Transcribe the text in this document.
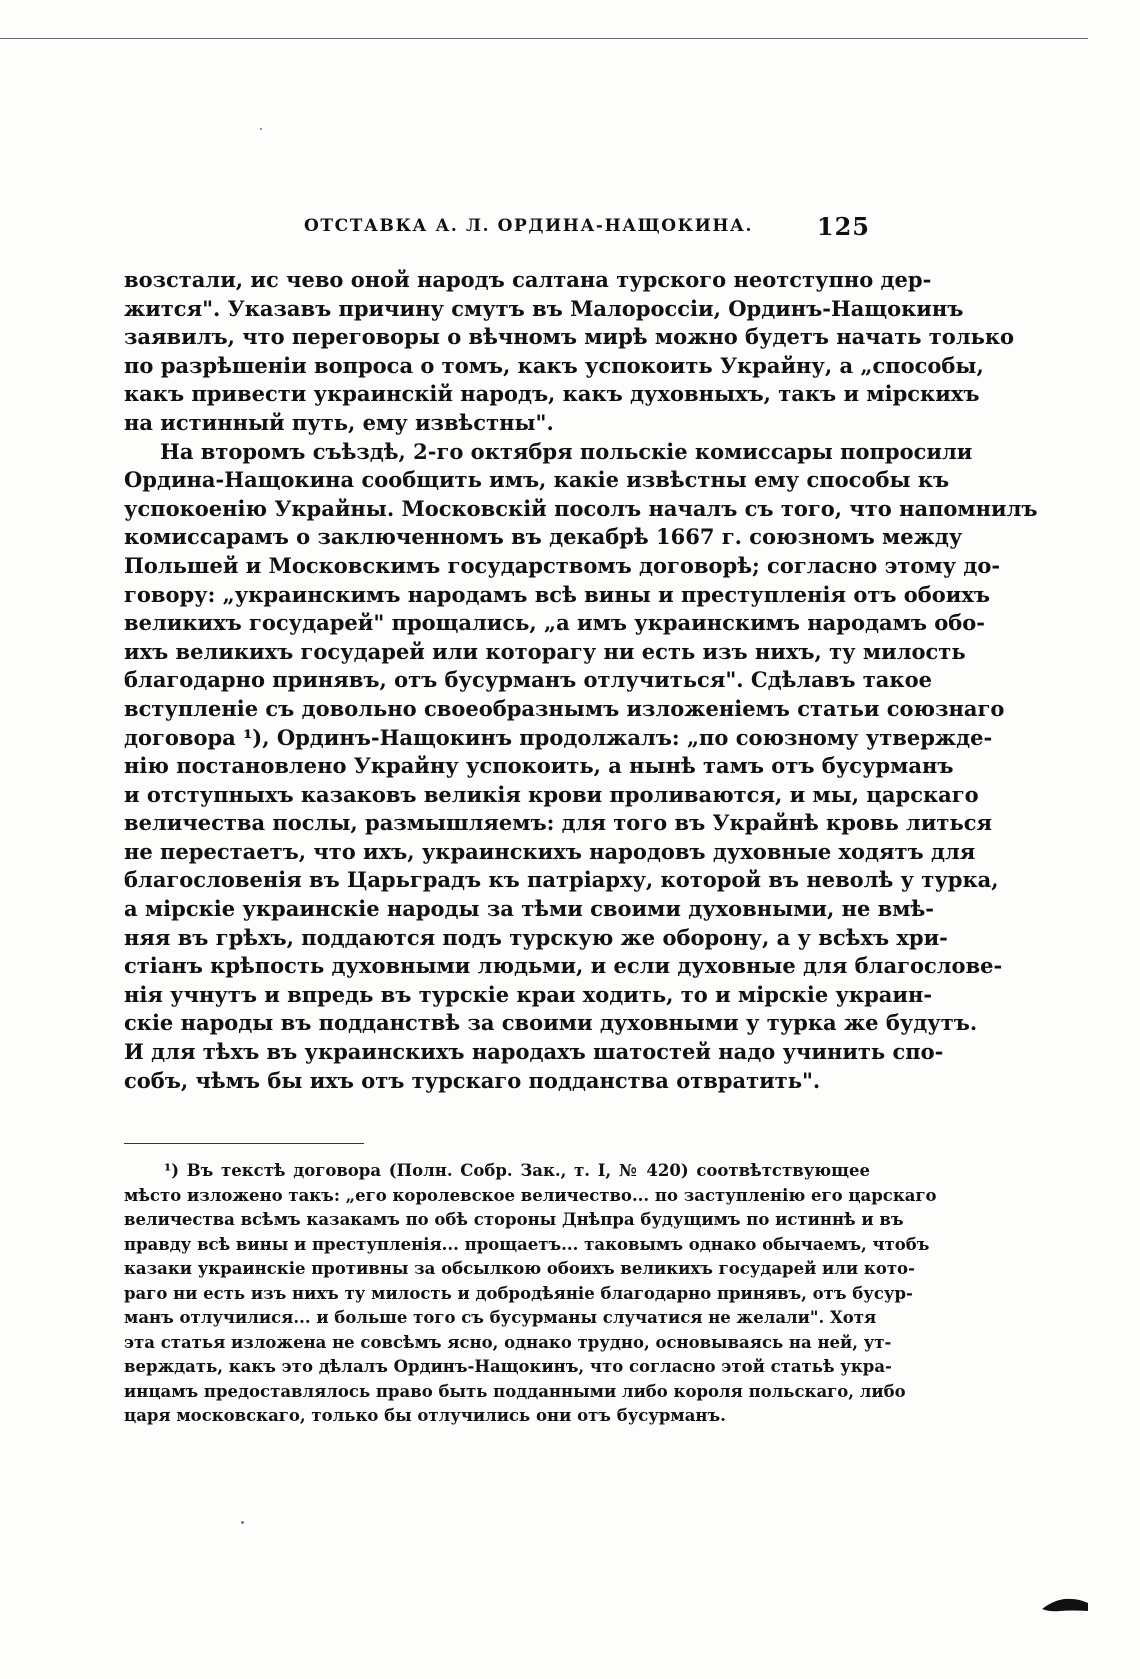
ОТСТАВКА А. Л. ОРДИНА-НАЩОКИНА.	125
возстали, ис чево оной народъ салтана турского неотступно дер-
жится". Указавъ причину смутъ въ Малороссіи, Ординъ-Нащокинъ
заявилъ, что переговоры о вѣчномъ мирѣ можно будетъ начать только
по разрѣшеніи вопроса о томъ, какъ успокоить Украйну, а „способы,
какъ привести украинскій народъ, какъ духовныхъ, такъ и мірскихъ
на истинный путь, ему извѣстны".
На второмъ съѣздѣ, 2-го октября польскіе комиссары попросили
Ордина-Нащокина сообщить имъ, какіе извѣстны ему способы къ
успокоенію Украйны. Московскій посолъ началъ съ того, что напомнилъ
комиссарамъ о заключенномъ въ декабрѣ 1667 г. союзномъ между
Польшей и Московскимъ государствомъ договорѣ; согласно этому до-
говору: „украинскимъ народамъ всѣ вины и преступленія отъ обоихъ
великихъ государей" прощались, „а имъ украинскимъ народамъ обо-
ихъ великихъ государей или которагу ни есть изъ нихъ, ту милость
благодарно принявъ, отъ бусурманъ отлучиться". Сдѣлавъ такое
вступленіе съ довольно своеобразнымъ изложеніемъ статьи союзнаго
договора ¹), Ординъ-Нащокинъ продолжалъ: „по союзному утвержде-
нію постановлено Украйну успокоить, а нынѣ тамъ отъ бусурманъ
и отступныхъ казаковъ великія крови проливаются, и мы, царскаго
величества послы, размышляемъ: для того въ Украйнѣ кровь литься
не перестаетъ, что ихъ, украинскихъ народовъ духовные ходятъ для
благословенія въ Царьградъ къ патріарху, которой въ неволѣ у турка,
а мірскіе украинскіе народы за тѣми своими духовными, не вмѣ-
няя въ грѣхъ, поддаются подъ турскую же оборону, а у всѣхъ хри-
стіанъ крѣпость духовными людьми, и если духовные для благослове-
нія учнутъ и впредь въ турскіе краи ходить, то и мірскіе украин-
скіе народы въ подданствѣ за своими духовными у турка же будутъ.
И для тѣхъ въ украинскихъ народахъ шатостей надо учинить спо-
собъ, чѣмъ бы ихъ отъ турскаго подданства отвратить".
¹) Въ текстѣ договора (Полн. Собр. Зак., т. I, № 420) соотвѣтствующее
мѣсто изложено такъ: „его королевское величество... по заступленію его царскаго
величества всѣмъ казакамъ по обѣ стороны Днѣпра будущимъ по истиннѣ и въ
правду всѣ вины и преступленія... прощаетъ... таковымъ однако обычаемъ, чтобъ
казаки украинскіе противны за обсылкою обоихъ великихъ государей или кото-
раго ни есть изъ нихъ ту милость и добродѣяніе благодарно принявъ, отъ бусур-
манъ отлучилися... и больше того съ бусурманы случатися не желали". Хотя
эта статья изложена не совсѣмъ ясно, однако трудно, основываясь на ней, ут-
верждать, какъ это дѣлалъ Ординъ-Нащокинъ, что согласно этой статьѣ укра-
инцамъ предоставлялось право быть подданными либо короля польскаго, либо
царя московскаго, только бы отлучились они отъ бусурманъ.
